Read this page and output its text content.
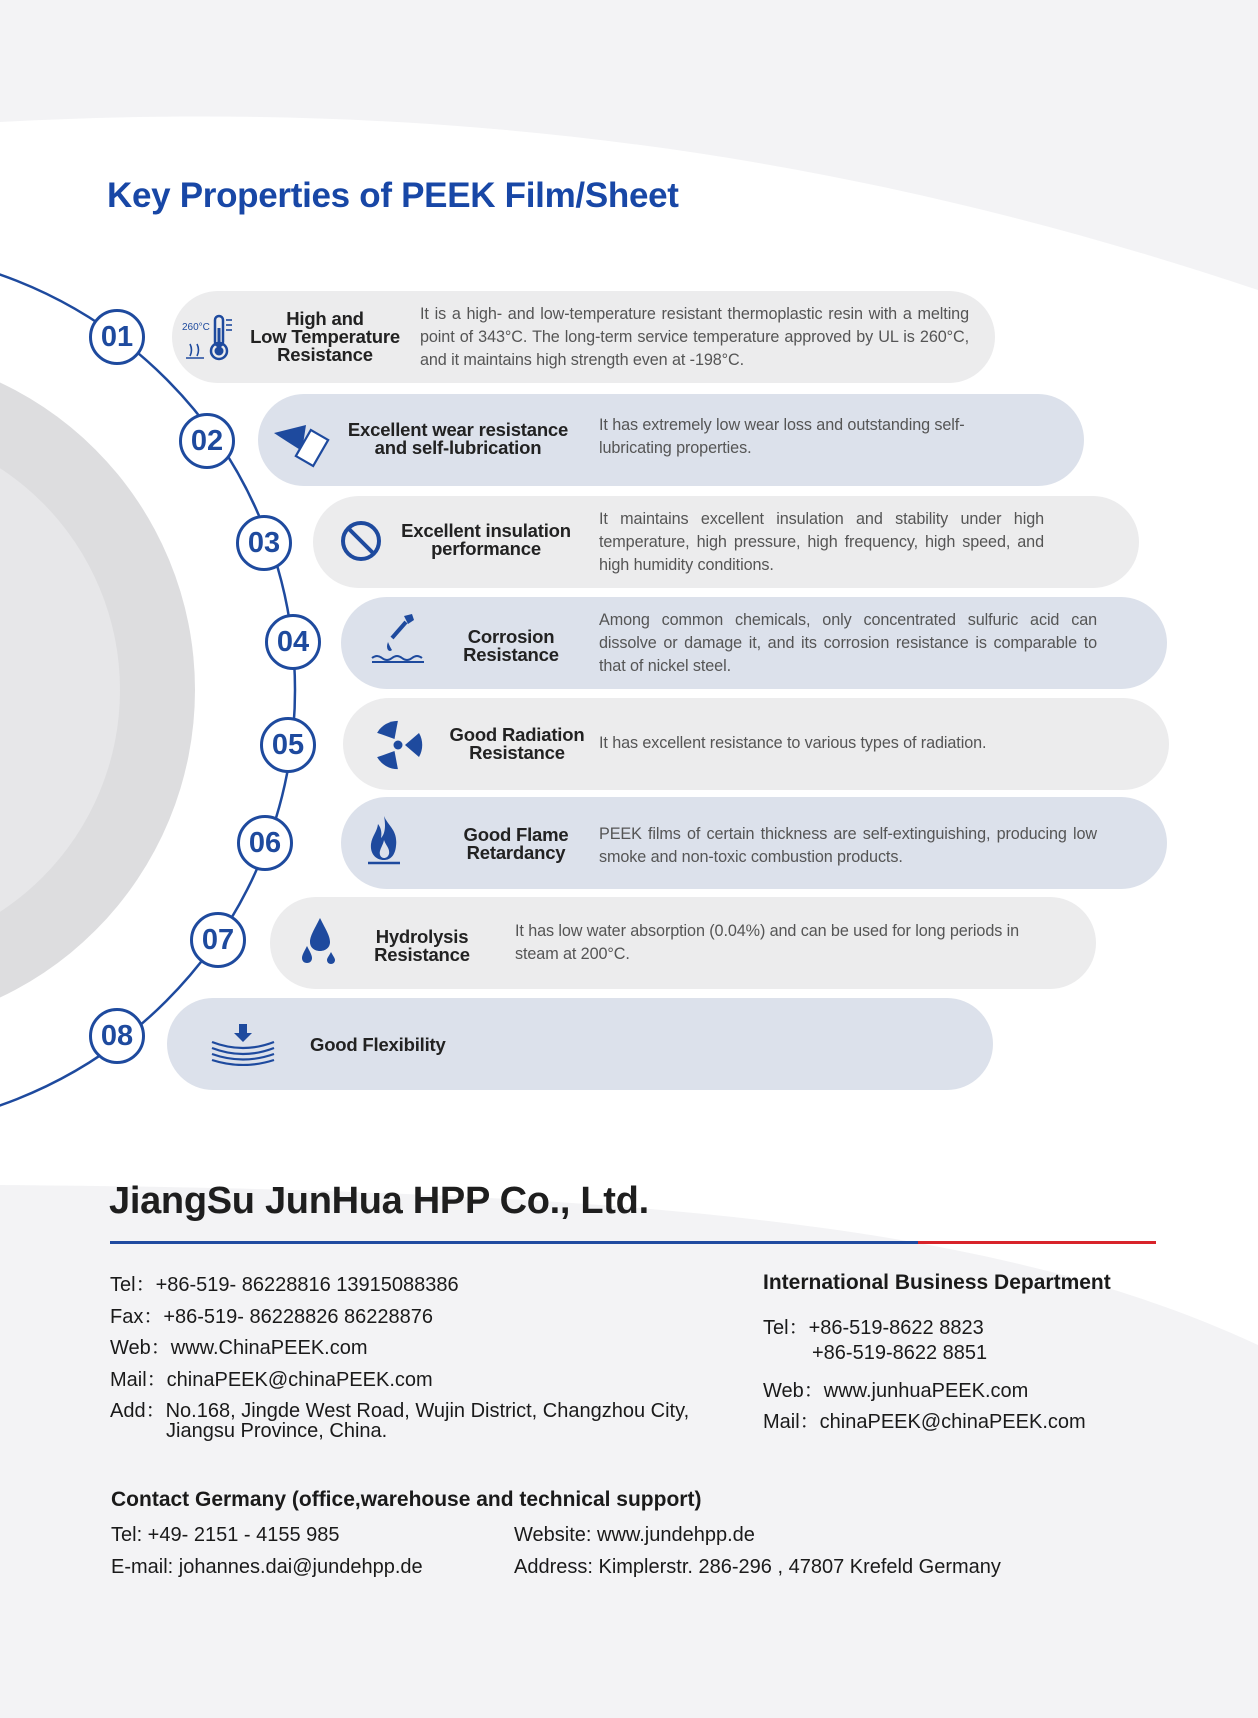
Key Properties of PEEK Film/Sheet
01	260°C	High and
Low Temperature
Resistance
It is a high- and low-temperature resistant thermoplastic resin with a melting point of 343°C. The long-term service temperature approved by UL is 260°C, and it maintains high strength even at -198°C.
02	Excellent wear resistance
and self-lubrication
It has extremely low wear loss and outstanding self-lubricating properties.
03	Excellent insulation
performance
It maintains excellent insulation and stability under high temperature, high pressure, high frequency, high speed, and high humidity conditions.
04	Corrosion
Resistance
Among common chemicals, only concentrated sulfuric acid can dissolve or damage it, and its corrosion resistance is comparable to that of nickel steel.
05	Good Radiation
Resistance	It has excellent resistance to various types of radiation.
06	Good Flame
Retardancy
PEEK films of certain thickness are self-extinguishing, producing low smoke and non-toxic combustion products.
07	Hydrolysis
Resistance
It has low water absorption (0.04%) and can be used for long periods in steam at 200°C.
08	Good Flexibility
JiangSu JunHua HPP Co., Ltd.
Tel：+86-519- 86228816 13915088386
Fax：+86-519- 86228826 86228876
Web：www.ChinaPEEK.com
Mail：chinaPEEK@chinaPEEK.com
Add：No.168, Jingde West Road, Wujin District, Changzhou City,
Jiangsu Province, China.
International Business Department
Tel：+86-519-8622 8823
+86-519-8622 8851
Web：www.junhuaPEEK.com
Mail：chinaPEEK@chinaPEEK.com
Contact Germany (office,warehouse and technical support)
Tel: +49- 2151 - 4155 985
E-mail: johannes.dai@jundehpp.de
Website: www.jundehpp.de
Address: Kimplerstr. 286-296 , 47807 Krefeld Germany
